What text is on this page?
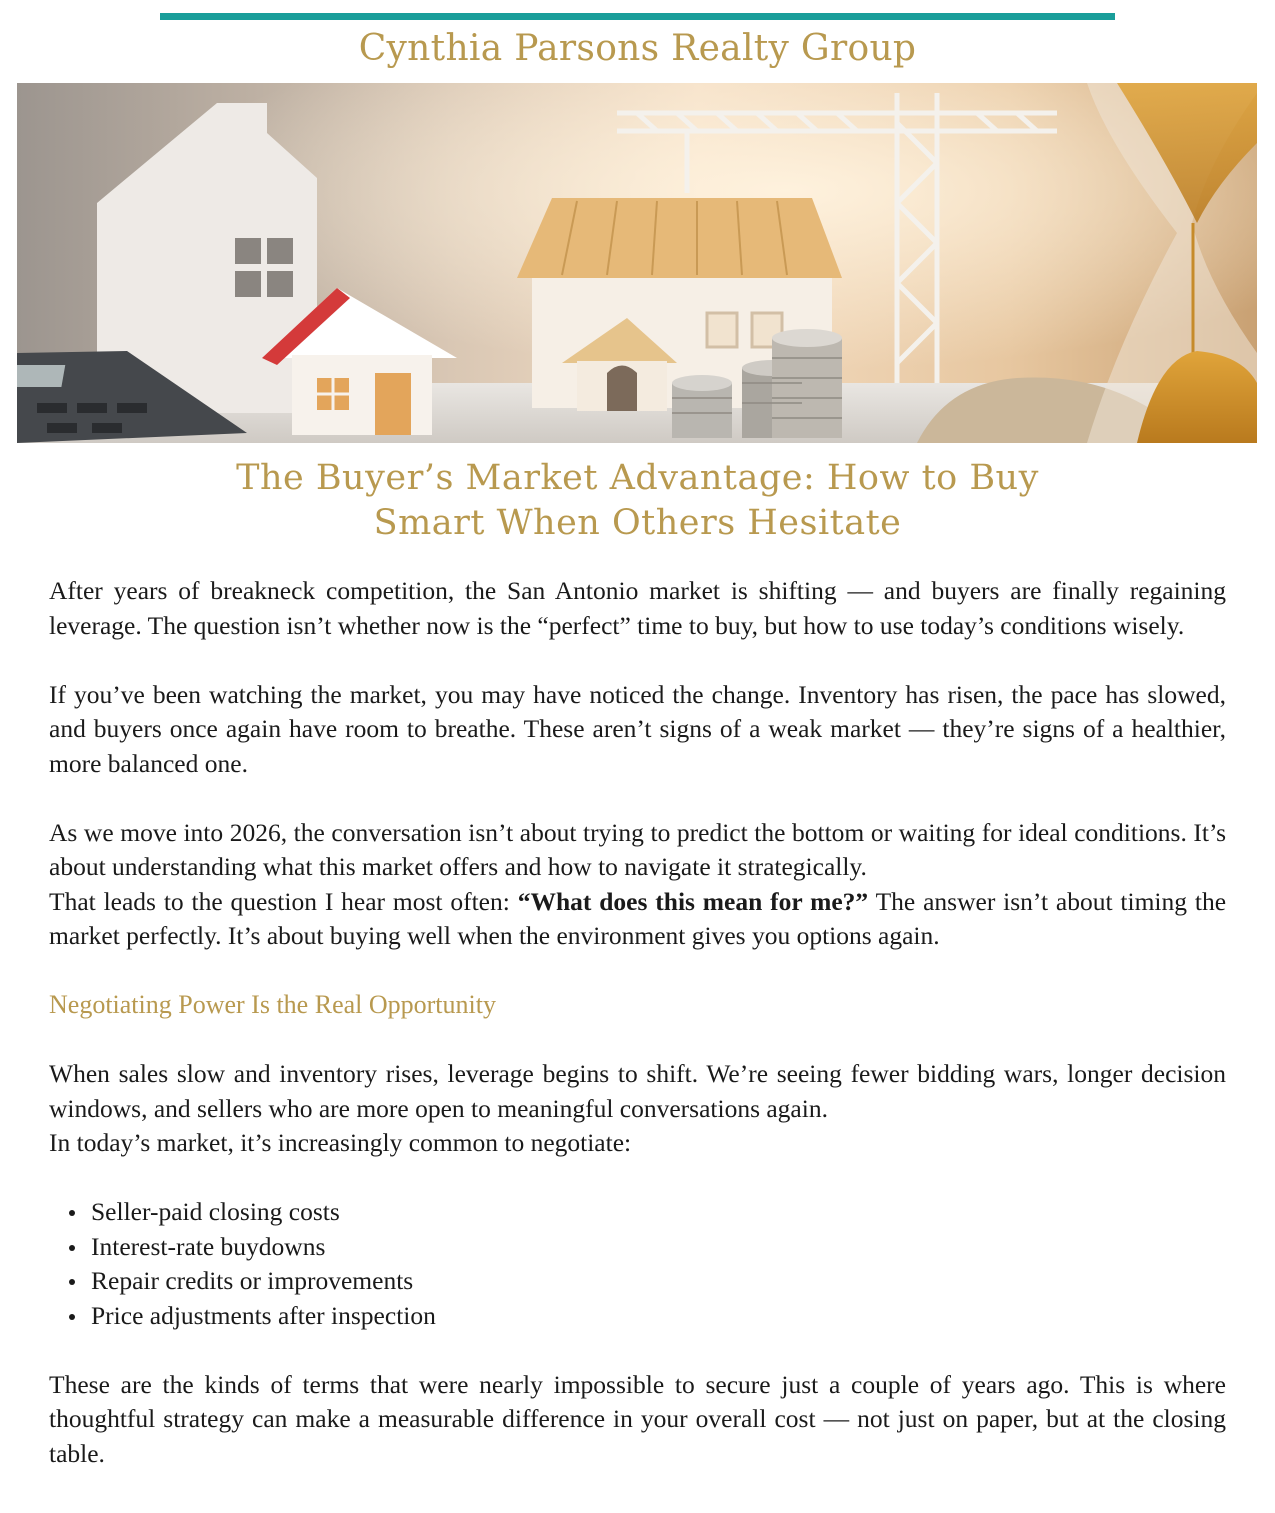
Cynthia Parsons Realty Group
The Buyer’s Market Advantage: How to Buy
Smart When Others Hesitate

After years of breakneck competition, the San Antonio market is shifting — and buyers are finally regaining leverage. The question isn’t whether now is the “perfect” time to buy, but how to use today’s conditions wisely.

If you’ve been watching the market, you may have noticed the change. Inventory has risen, the pace has slowed, and buyers once again have room to breathe. These aren’t signs of a weak market — they’re signs of a healthier, more balanced one.

As we move into 2026, the conversation isn’t about trying to predict the bottom or waiting for ideal conditions. It’s about understanding what this market offers and how to navigate it strategically.

That leads to the question I hear most often: “What does this mean for me?” The answer isn’t about timing the market perfectly. It’s about buying well when the environment gives you options again.

Negotiating Power Is the Real Opportunity

When sales slow and inventory rises, leverage begins to shift. We’re seeing fewer bidding wars, longer decision windows, and sellers who are more open to meaningful conversations again.

In today’s market, it’s increasingly common to negotiate:

Seller-paid closing costs
Interest-rate buydowns
Repair credits or improvements
Price adjustments after inspection

These are the kinds of terms that were nearly impossible to secure just a couple of years ago. This is where thoughtful strategy can make a measurable difference in your overall cost — not just on paper, but at the closing table.
